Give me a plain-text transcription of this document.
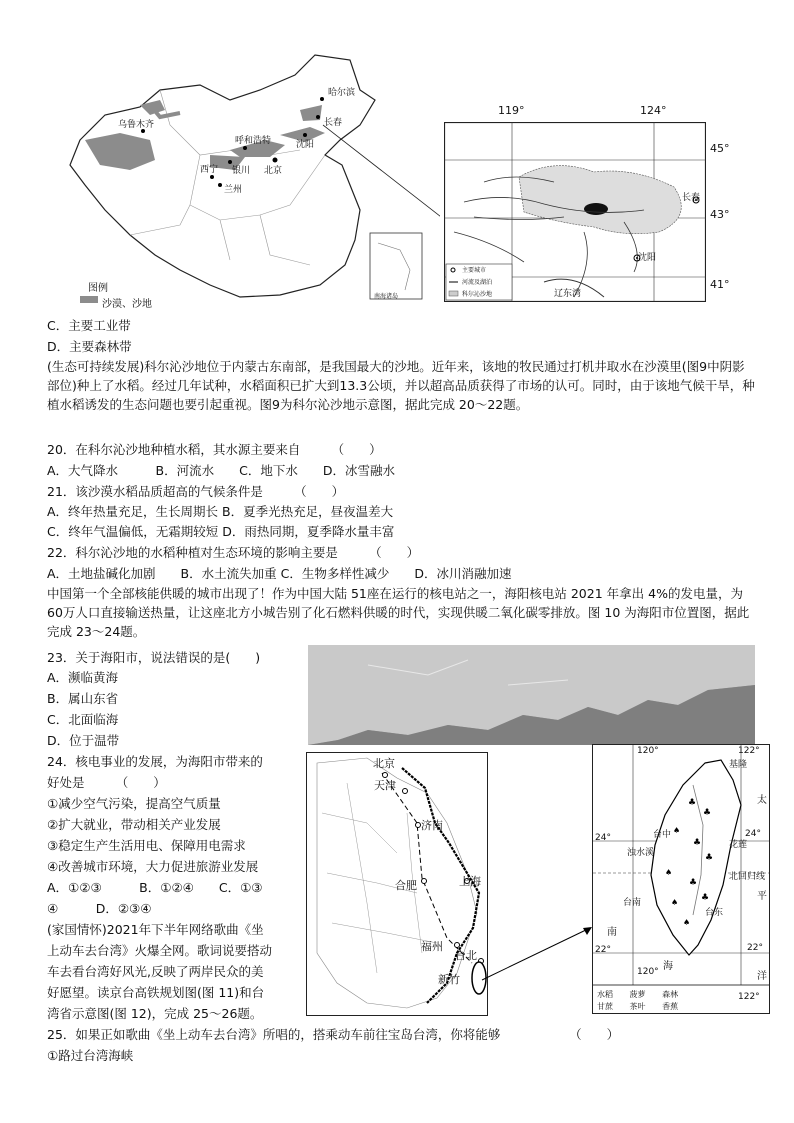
哈尔滨
乌鲁木齐
呼和浩特	沈阳
北京
西宁 银川
兰州
长春
图例
沙漠、沙地
南海诸岛
119°	124°
45°
43°
41°
长春
沈阳
辽东湾
主要城市
河流及湖泊
科尔沁沙地
C．主要工业带
D．主要森林带
(生态可持续发展)科尔沁沙地位于内蒙古东南部，是我国最大的沙地。近年来，该地的牧民通过打机井取水在沙漠里(图9中阴影部位)种上了水稻。经过几年试种，水稻面积已扩大到13.3公顷，并以超高品质获得了市场的认可。同时，由于该地气候干旱，种植水稻诱发的生态问题也要引起重视。图9为科尔沁沙地示意图，据此完成 20～22题。
20．在科尔沁沙地种植水稻，其水源主要来自　　　（　　）
A．大气降水　　　B．河流水　　C．地下水　　D．冰雪融水
21．该沙漠水稻品质超高的气候条件是　　　（　　）
A．终年热量充足，生长周期长 B．夏季光热充足，昼夜温差大
C．终年气温偏低，无霜期较短 D．雨热同期，夏季降水量丰富
22．科尔沁沙地的水稻种植对生态环境的影响主要是　　　（　　）
A．土地盐碱化加剧　　B．水土流失加重 C．生物多样性减少　　D．冰川消融加速
中国第一个全部核能供暖的城市出现了！作为中国大陆 51座在运行的核电站之一，海阳核电站 2021 年拿出 4%的发电量，为 60万人口直接输送热量，让这座北方小城告别了化石燃料供暖的时代，实现供暖二氧化碳零排放。图 10 为海阳市位置图，据此完成 23～24题。
23．关于海阳市，说法错误的是(　　)
A．濒临黄海
B．属山东省
C．北面临海
D．位于温带
24．核电事业的发展，为海阳市带来的
好处是　　　（　　）
①减少空气污染，提高空气质量
②扩大就业，带动相关产业发展
③稳定生产生活用电、保障用电需求
④改善城市环境，大力促进旅游业发展
A．①②③　　　B．①②④　　C．①③
④　　　D．②③④
(家国情怀)2021年下半年网络歌曲《坐
上动车去台湾》火爆全网。歌词说要搭动
车去看台湾好风光,反映了两岸民众的美
好愿望。读京台高铁规划图(图 11)和台
湾省示意图(图 12)，完成 25～26题。
25．如果正如歌曲《坐上动车去台湾》所唱的，搭乘动车前往宝岛台湾，你将能够　　　　　　（　　）
①路过台湾海峡
北京
天津
济南
合肥	上海
福州
台北
新竹
♣
♣
♣
♣
♣
♣
♠
♠
♠
♠
120°	122°
120°
122°
24°	24°
22°	22°
基隆
台中
花莲
浊水溪
北回归线
台南
台东
太
平
洋
南
海
水稻 菠萝 森林
甘蔗 茶叶 香蕉
